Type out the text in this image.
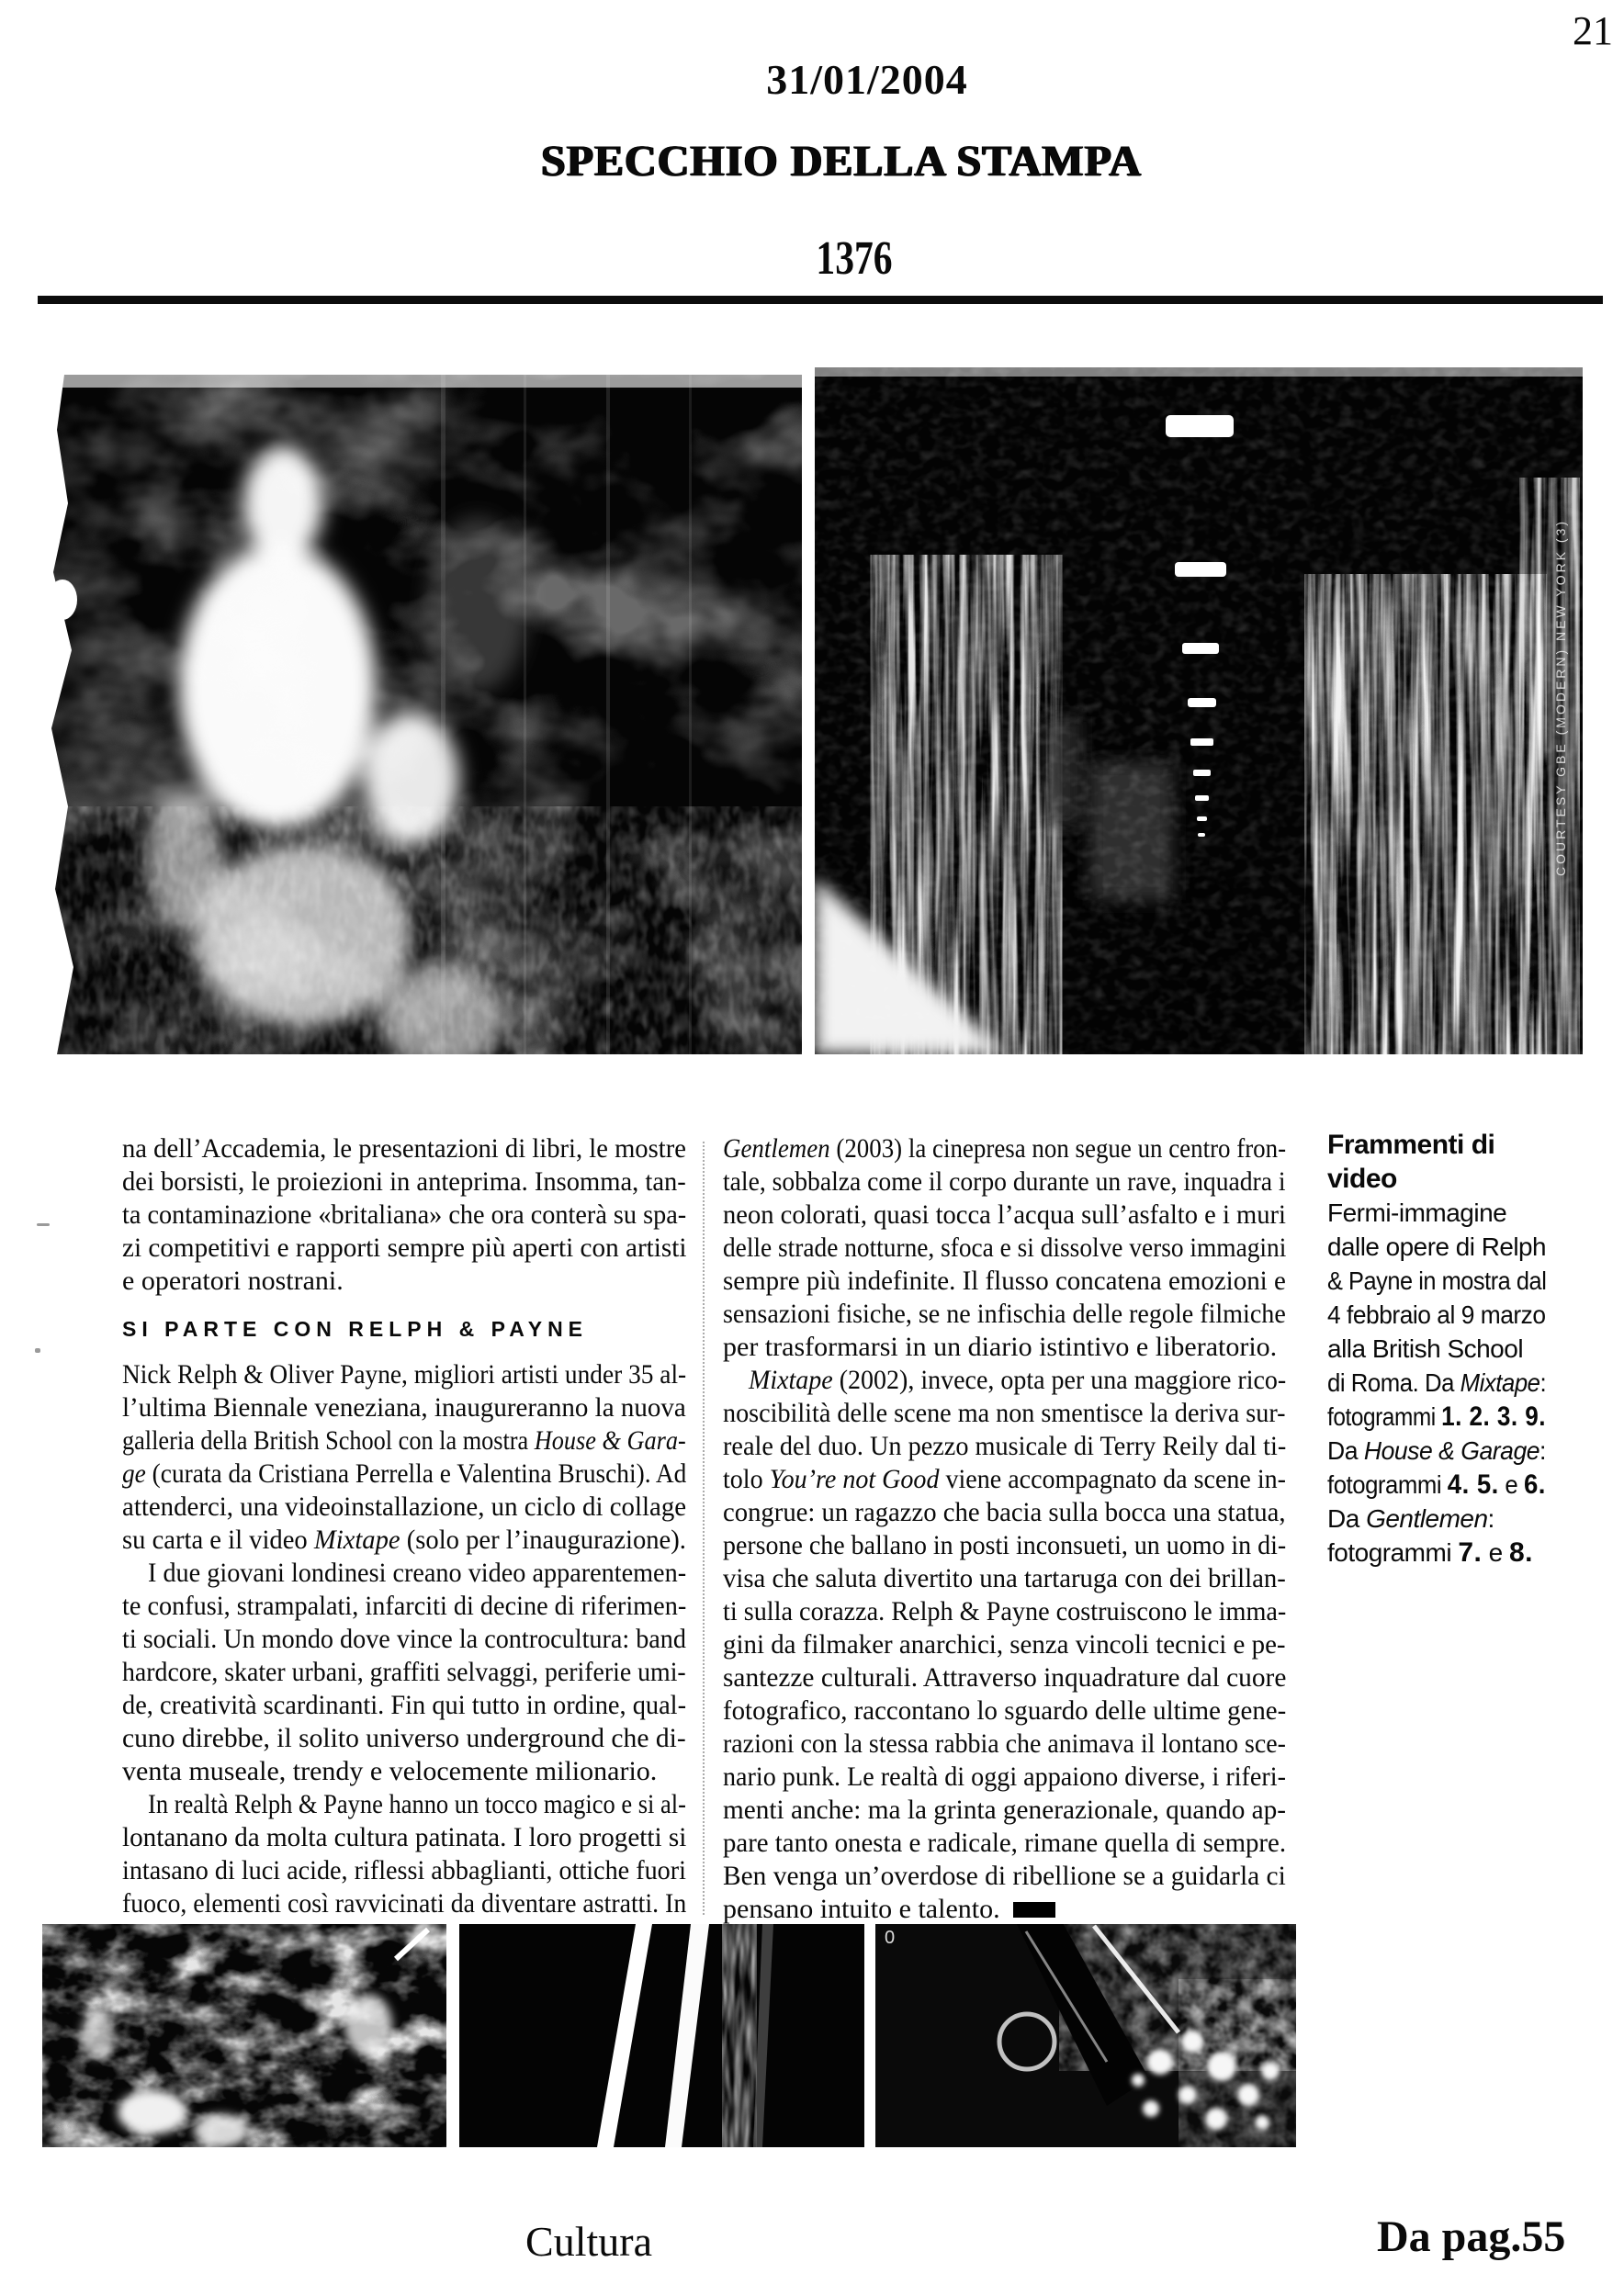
21
31/01/2004
SPECCHIO DELLA STAMPA
1376
COURTESY GBE (MODERN) NEW YORK (3)
na dell’Accademia, le presentazioni di libri, le mostre
dei borsisti, le proiezioni in anteprima. Insomma, tan-
ta contaminazione «britaliana» che ora conterà su spa-
zi competitivi e rapporti sempre più aperti con artisti
e operatori nostrani.
SI PARTE CON RELPH & PAYNE
Nick Relph & Oliver Payne, migliori artisti under 35 al-
l’ultima Biennale veneziana, inaugureranno la nuova
galleria della British School con la mostra House & Gara-
ge (curata da Cristiana Perrella e Valentina Bruschi). Ad
attenderci, una videoinstallazione, un ciclo di collage
su carta e il video Mixtape (solo per l’inaugurazione).
I due giovani londinesi creano video apparentemen-
te confusi, strampalati, infarciti di decine di riferimen-
ti sociali. Un mondo dove vince la controcultura: band
hardcore, skater urbani, graffiti selvaggi, periferie umi-
de, creatività scardinanti. Fin qui tutto in ordine, qual-
cuno direbbe, il solito universo underground che di-
venta museale, trendy e velocemente milionario.
In realtà Relph & Payne hanno un tocco magico e si al-
lontanano da molta cultura patinata. I loro progetti si
intasano di luci acide, riflessi abbaglianti, ottiche fuori
fuoco, elementi così ravvicinati da diventare astratti. In
Gentlemen (2003) la cinepresa non segue un centro fron-
tale, sobbalza come il corpo durante un rave, inquadra i
neon colorati, quasi tocca l’acqua sull’asfalto e i muri
delle strade notturne, sfoca e si dissolve verso immagini
sempre più indefinite. Il flusso concatena emozioni e
sensazioni fisiche, se ne infischia delle regole filmiche
per trasformarsi in un diario istintivo e liberatorio.
Mixtape (2002), invece, opta per una maggiore rico-
noscibilità delle scene ma non smentisce la deriva sur-
reale del duo. Un pezzo musicale di Terry Reily dal ti-
tolo You’re not Good viene accompagnato da scene in-
congrue: un ragazzo che bacia sulla bocca una statua,
persone che ballano in posti inconsueti, un uomo in di-
visa che saluta divertito una tartaruga con dei brillan-
ti sulla corazza. Relph & Payne costruiscono le imma-
gini da filmaker anarchici, senza vincoli tecnici e pe-
santezze culturali. Attraverso inquadrature dal cuore
fotografico, raccontano lo sguardo delle ultime gene-
razioni con la stessa rabbia che animava il lontano sce-
nario punk. Le realtà di oggi appaiono diverse, i riferi-
menti anche: ma la grinta generazionale, quando ap-
pare tanto onesta e radicale, rimane quella di sempre.
Ben venga un’overdose di ribellione se a guidarla ci
pensano intuito e talento.
Frammenti di video
Fermi-immagine
dalle opere di Relph
& Payne in mostra dal
4 febbraio al 9 marzo
alla British School
di Roma. Da Mixtape:
fotogrammi 1. 2. 3. 9.
Da House & Garage:
fotogrammi 4. 5. e 6.
Da Gentlemen:
fotogrammi 7. e 8.
0
Cultura	Da pag.55
